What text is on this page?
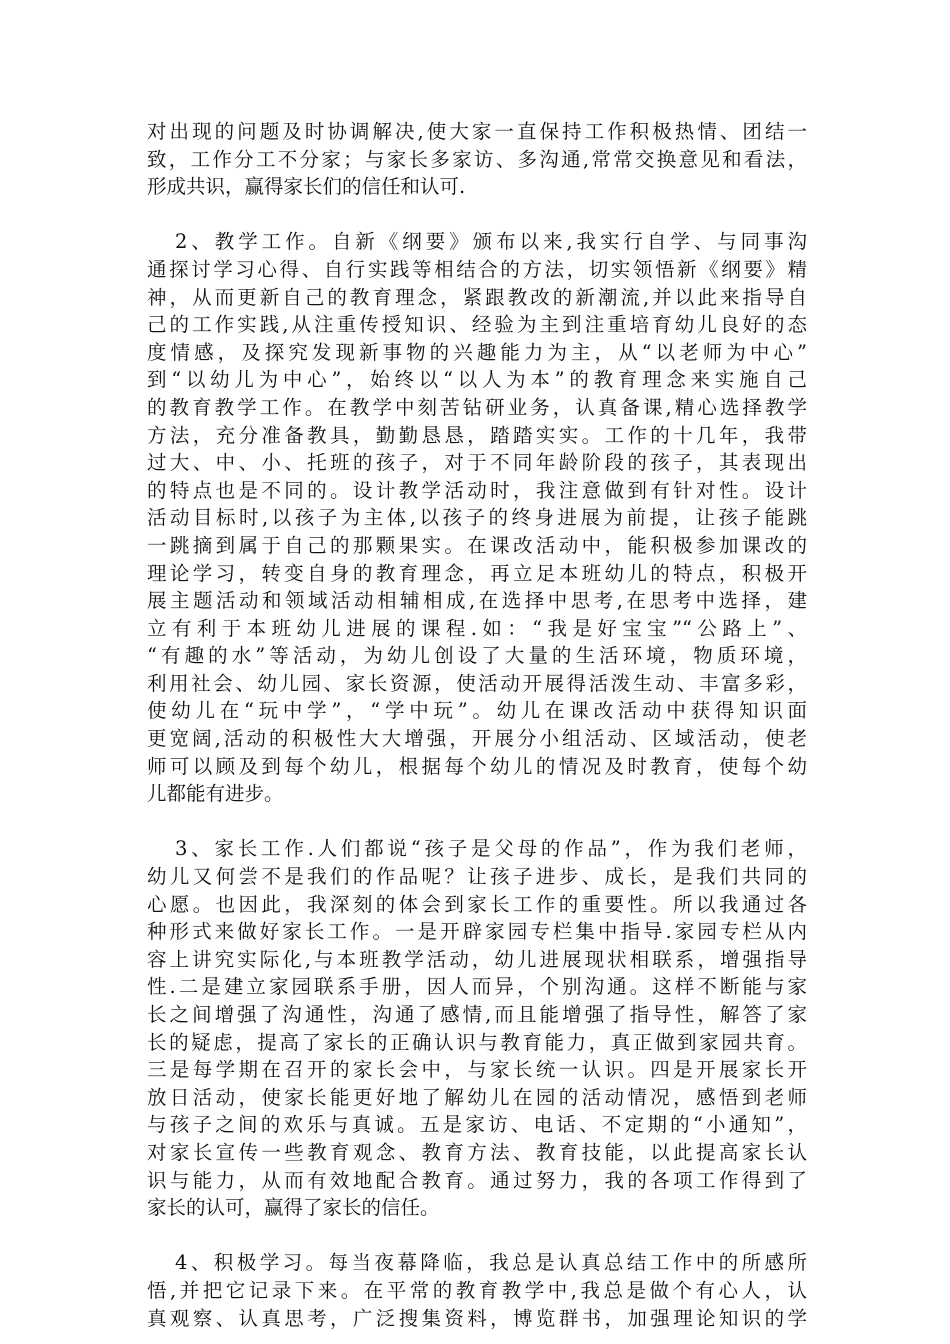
对出现的问题及时协调解决,使大家一直保持工作积极热情、团结一
致，工作分工不分家；与家长多家访、多沟通,常常交换意见和看法，
形成共识，赢得家长们的信任和认可.
2、教学工作。自新《纲要》颁布以来,我实行自学、与同事沟
通探讨学习心得、自行实践等相结合的方法，切实领悟新《纲要》精
神，从而更新自己的教育理念，紧跟教改的新潮流,并以此来指导自
己的工作实践,从注重传授知识、经验为主到注重培育幼儿良好的态
度情感，及探究发现新事物的兴趣能力为主，从“以老师为中心”
到“以幼儿为中心”，始终以“以人为本”的教育理念来实施自己
的教育教学工作。在教学中刻苦钻研业务，认真备课,精心选择教学
方法，充分准备教具，勤勤恳恳，踏踏实实。工作的十几年，我带
过大、中、小、托班的孩子，对于不同年龄阶段的孩子，其表现出
的特点也是不同的。设计教学活动时，我注意做到有针对性。设计
活动目标时,以孩子为主体,以孩子的终身进展为前提，让孩子能跳
一跳摘到属于自己的那颗果实。在课改活动中，能积极参加课改的
理论学习，转变自身的教育理念，再立足本班幼儿的特点，积极开
展主题活动和领域活动相辅相成,在选择中思考,在思考中选择，建
立有利于本班幼儿进展的课程.如：“我是好宝宝”“公路上”、
“有趣的水”等活动，为幼儿创设了大量的生活环境，物质环境，
利用社会、幼儿园、家长资源，使活动开展得活泼生动、丰富多彩，
使幼儿在“玩中学”，“学中玩”。幼儿在课改活动中获得知识面
更宽阔,活动的积极性大大增强，开展分小组活动、区域活动，使老
师可以顾及到每个幼儿，根据每个幼儿的情况及时教育，使每个幼
儿都能有进步。
3、家长工作.人们都说“孩子是父母的作品”，作为我们老师，
幼儿又何尝不是我们的作品呢？让孩子进步、成长，是我们共同的
心愿。也因此，我深刻的体会到家长工作的重要性。所以我通过各
种形式来做好家长工作。一是开辟家园专栏集中指导.家园专栏从内
容上讲究实际化,与本班教学活动，幼儿进展现状相联系，增强指导
性.二是建立家园联系手册，因人而异，个别沟通。这样不断能与家
长之间增强了沟通性，沟通了感情,而且能增强了指导性，解答了家
长的疑虑，提高了家长的正确认识与教育能力，真正做到家园共育。
三是每学期在召开的家长会中，与家长统一认识。四是开展家长开
放日活动，使家长能更好地了解幼儿在园的活动情况，感悟到老师
与孩子之间的欢乐与真诚。五是家访、电话、不定期的“小通知”，
对家长宣传一些教育观念、教育方法、教育技能，以此提高家长认
识与能力，从而有效地配合教育。通过努力，我的各项工作得到了
家长的认可，赢得了家长的信任。
4、积极学习。每当夜幕降临，我总是认真总结工作中的所感所
悟,并把它记录下来。在平常的教育教学中,我总是做个有心人，认
真观察、认真思考，广泛搜集资料，博览群书，加强理论知识的学
